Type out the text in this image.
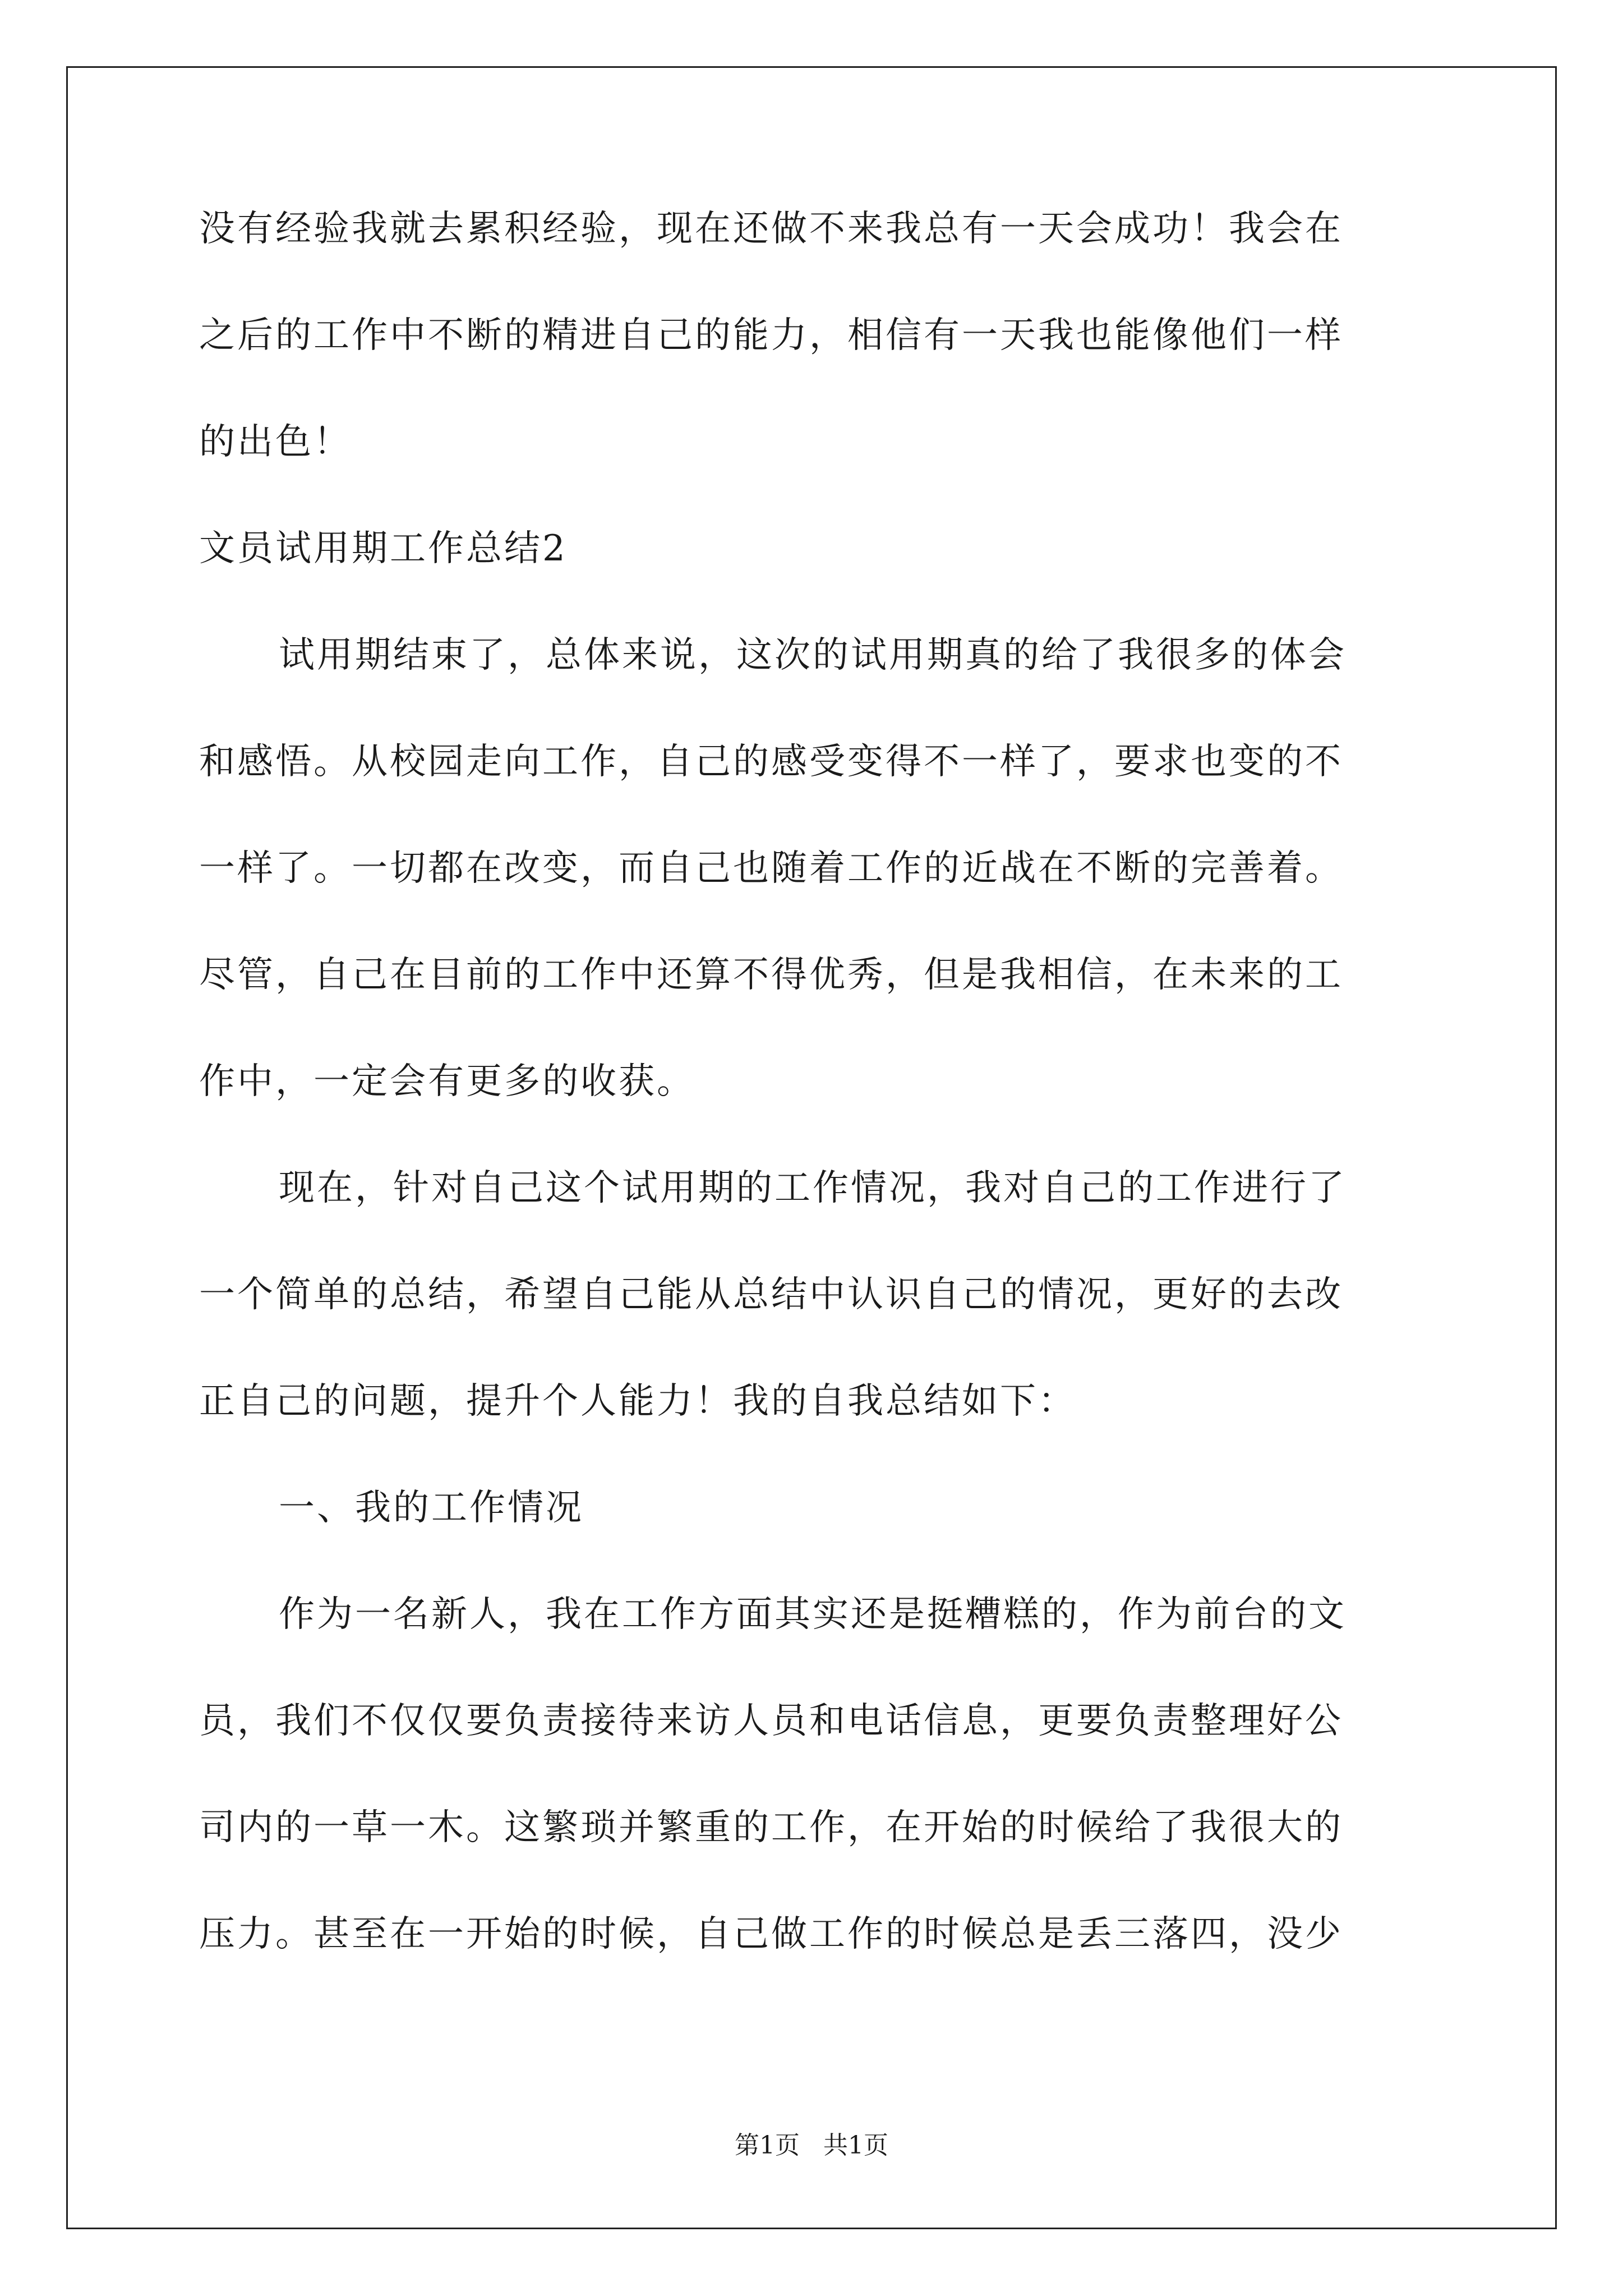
没有经验我就去累积经验，现在还做不来我总有一天会成功！我会在
之后的工作中不断的精进自己的能力，相信有一天我也能像他们一样
的出色！
文员试用期工作总结2
试用期结束了，总体来说，这次的试用期真的给了我很多的体会
和感悟。从校园走向工作，自己的感受变得不一样了，要求也变的不
一样了。一切都在改变，而自己也随着工作的近战在不断的完善着。
尽管，自己在目前的工作中还算不得优秀，但是我相信，在未来的工
作中，一定会有更多的收获。
现在，针对自己这个试用期的工作情况，我对自己的工作进行了
一个简单的总结，希望自己能从总结中认识自己的情况，更好的去改
正自己的问题，提升个人能力！我的自我总结如下：
一、我的工作情况
作为一名新人，我在工作方面其实还是挺糟糕的，作为前台的文
员，我们不仅仅要负责接待来访人员和电话信息，更要负责整理好公
司内的一草一木。这繁琐并繁重的工作，在开始的时候给了我很大的
压力。甚至在一开始的时候，自己做工作的时候总是丢三落四，没少
第1页 共1页
